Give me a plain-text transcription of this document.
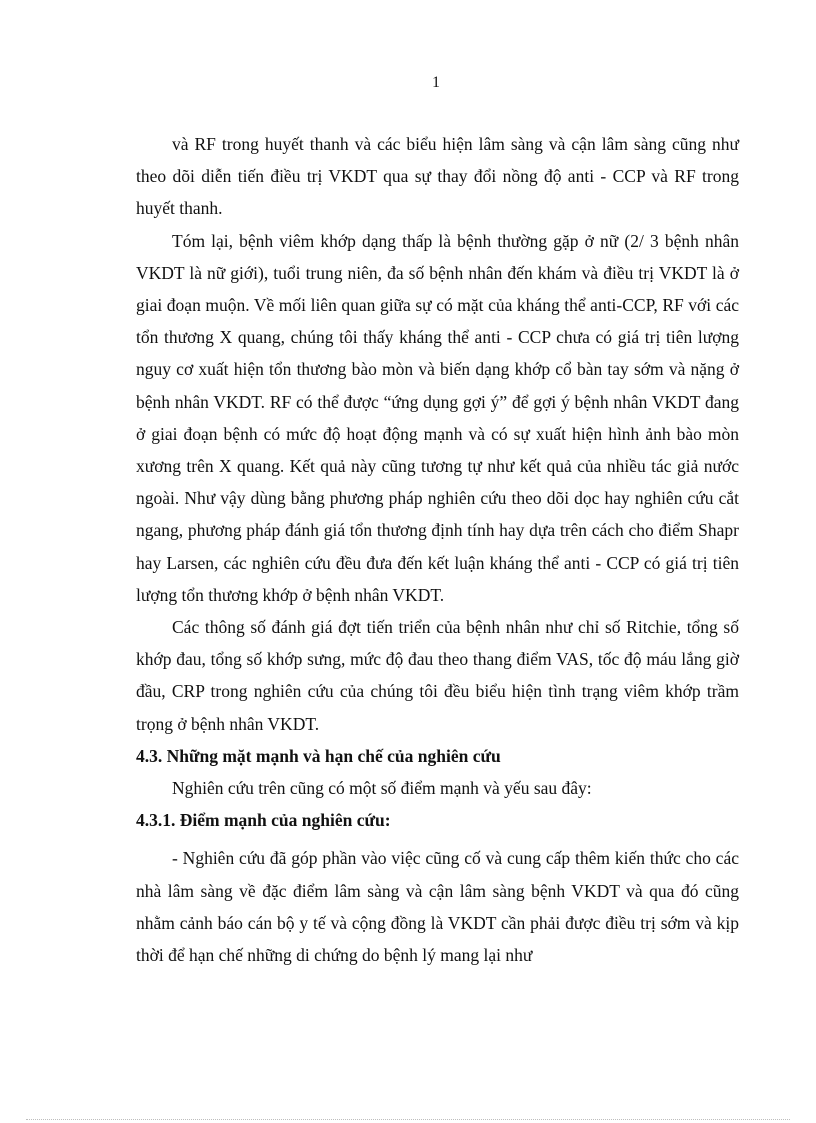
1

và RF trong huyết thanh và các biểu hiện lâm sàng và cận lâm sàng cũng như theo dõi diễn tiến điều trị VKDT qua sự thay đổi nồng độ anti - CCP và RF trong huyết thanh.

Tóm lại, bệnh viêm khớp dạng thấp là bệnh thường gặp ở nữ (2/ 3 bệnh nhân VKDT là nữ giới), tuổi trung niên, đa số bệnh nhân đến khám và điều trị VKDT là ở giai đoạn muộn. Về mối liên quan giữa sự có mặt của kháng thể anti-CCP, RF với các tổn thương X quang, chúng tôi thấy kháng thể anti - CCP chưa có giá trị tiên lượng nguy cơ xuất hiện tổn thương bào mòn và biến dạng khớp cổ bàn tay sớm và nặng ở bệnh nhân VKDT. RF có thể được “ứng dụng gợi ý” để gợi ý bệnh nhân VKDT đang ở giai đoạn bệnh có mức độ hoạt động mạnh và có sự xuất hiện hình ảnh bào mòn xương trên X quang. Kết quả này cũng tương tự như kết quả của nhiều tác giả nước ngoài. Như vậy dùng bằng phương pháp nghiên cứu theo dõi dọc hay nghiên cứu cắt ngang, phương pháp đánh giá tổn thương định tính hay dựa trên cách cho điểm Shapr hay Larsen, các nghiên cứu đều đưa đến kết luận kháng thể anti - CCP có giá trị tiên lượng tổn thương khớp ở bệnh nhân VKDT.

Các thông số đánh giá đợt tiến triển của bệnh nhân như chỉ số Ritchie, tổng số khớp đau, tổng số khớp sưng, mức độ đau theo thang điểm VAS, tốc độ máu lắng giờ đầu, CRP trong nghiên cứu của chúng tôi đều biểu hiện tình trạng viêm khớp trầm trọng ở bệnh nhân VKDT.

4.3. Những mặt mạnh và hạn chế của nghiên cứu

Nghiên cứu trên cũng có một số điểm mạnh và yếu sau đây:

4.3.1. Điểm mạnh của nghiên cứu:

- Nghiên cứu đã góp phần vào việc cũng cố và cung cấp thêm kiến thức cho các nhà lâm sàng về đặc điểm lâm sàng và cận lâm sàng bệnh VKDT và qua đó cũng nhằm cảnh báo cán bộ y tế và cộng đồng là VKDT cần phải được điều trị sớm và kịp thời để hạn chế những di chứng do bệnh lý mang lại như
